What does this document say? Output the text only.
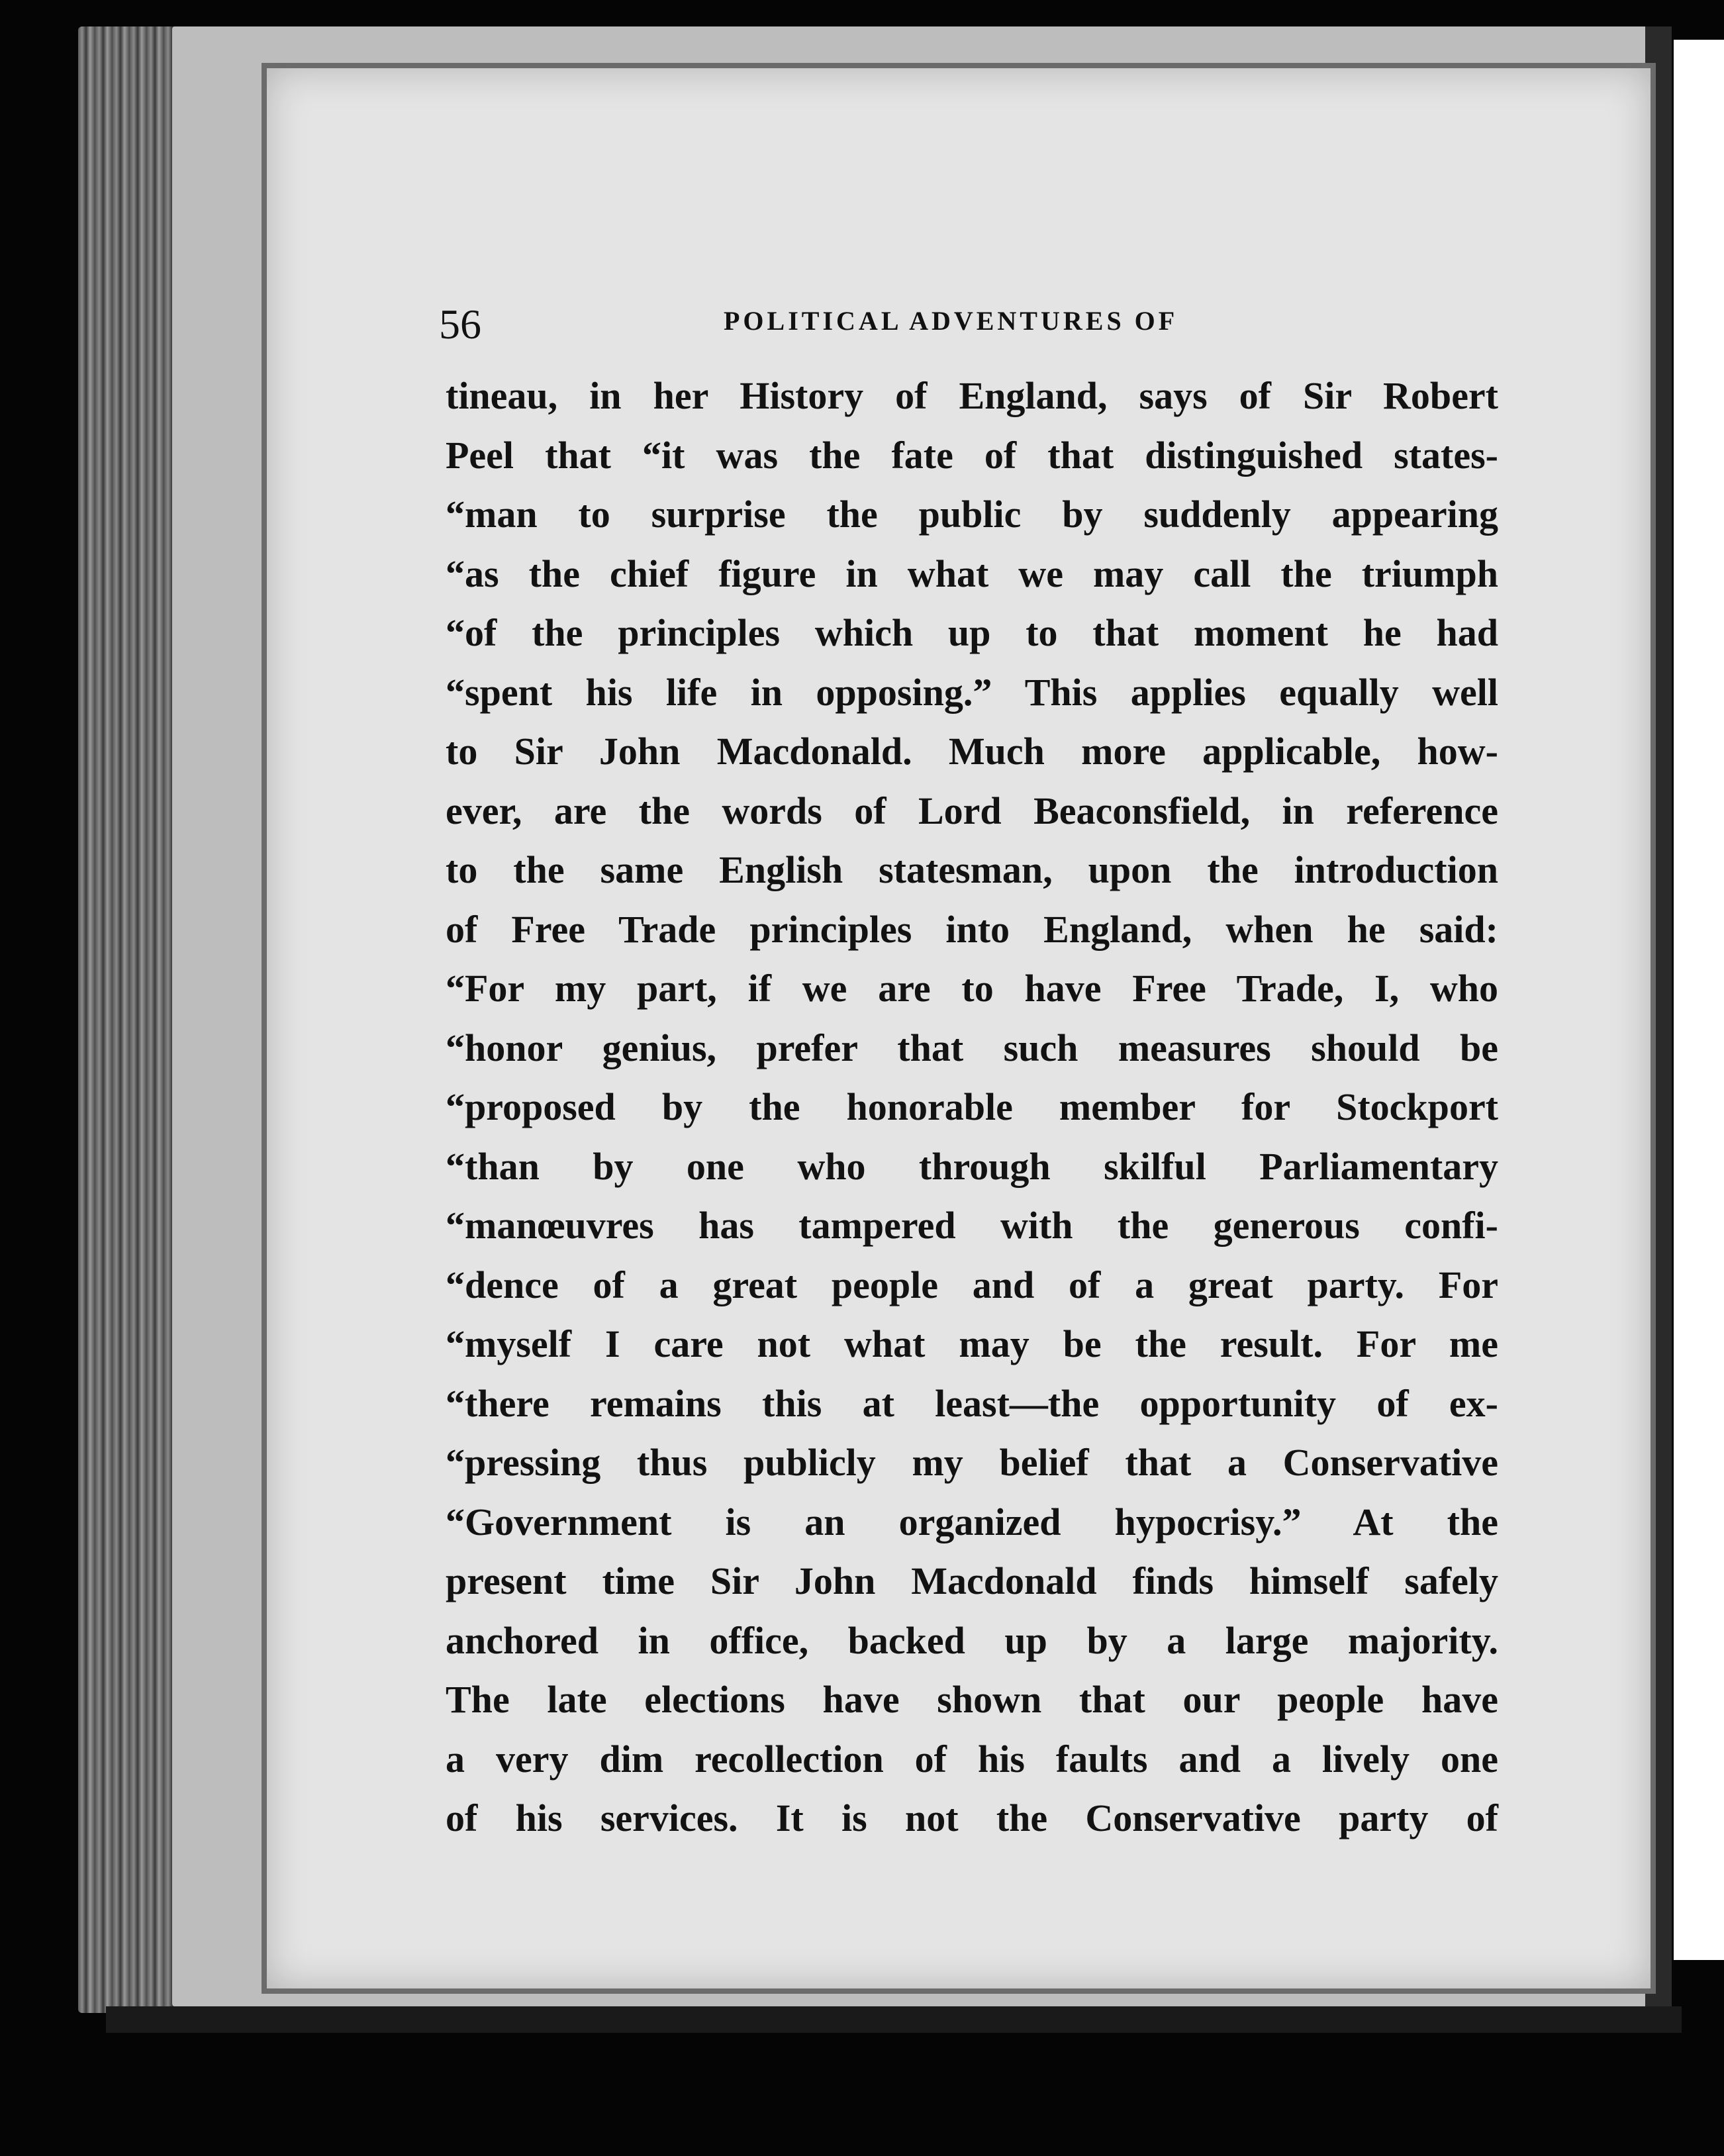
56	POLITICAL ADVENTURES OF
tineau, in her History of England, says of Sir Robert
Peel that “it was the fate of that distinguished states-
“man to surprise the public by suddenly appearing
“as the chief figure in what we may call the triumph
“of the principles which up to that moment he had
“spent his life in opposing.” This applies equally well
to Sir John Macdonald. Much more applicable, how-
ever, are the words of Lord Beaconsfield, in reference
to the same English statesman, upon the introduction
of Free Trade principles into England, when he said:
“For my part, if we are to have Free Trade, I, who
“honor genius, prefer that such measures should be
“proposed by the honorable member for Stockport
“than by one who through skilful Parliamentary
“manœuvres has tampered with the generous confi-
“dence of a great people and of a great party. For
“myself I care not what may be the result. For me
“there remains this at least—the opportunity of ex-
“pressing thus publicly my belief that a Conservative
“Government is an organized hypocrisy.” At the
present time Sir John Macdonald finds himself safely
anchored in office, backed up by a large majority.
The late elections have shown that our people have
a very dim recollection of his faults and a lively one
of his services. It is not the Conservative party of
